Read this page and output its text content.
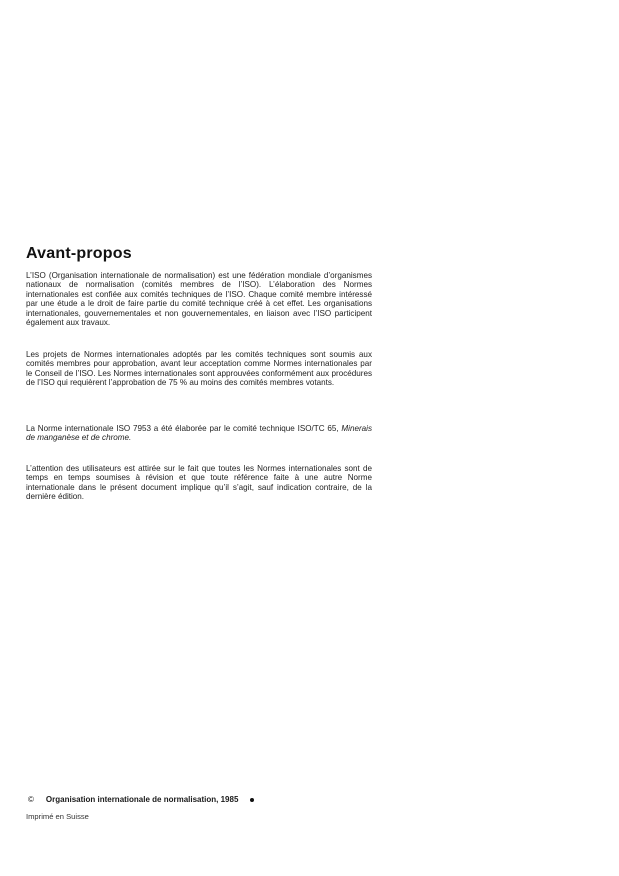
Avant-propos

L’ISO (Organisation internationale de normalisation) est une fédération mondiale d’organismes nationaux de normalisation (comités membres de l’ISO). L’élaboration des Normes internationales est confiée aux comités techniques de l’ISO. Chaque comité membre intéressé par une étude a le droit de faire partie du comité technique créé à cet effet. Les organisations internationales, gouvernementales et non gouvernementales, en liaison avec l’ISO participent également aux travaux.

Les projets de Normes internationales adoptés par les comités techniques sont soumis aux comités membres pour approbation, avant leur acceptation comme Normes internationales par le Conseil de l’ISO. Les Normes internationales sont approuvées conformément aux procédures de l’ISO qui requièrent l’approbation de 75 % au moins des comités membres votants.

La Norme internationale ISO 7953 a été élaborée par le comité technique ISO/TC 65, Minerais de manganèse et de chrome.

L’attention des utilisateurs est attirée sur le fait que toutes les Normes internationales sont de temps en temps soumises à révision et que toute référence faite à une autre Norme internationale dans le présent document implique qu’il s’agit, sauf indication contraire, de la dernière édition.

© Organisation internationale de normalisation, 1985
Imprimé en Suisse
